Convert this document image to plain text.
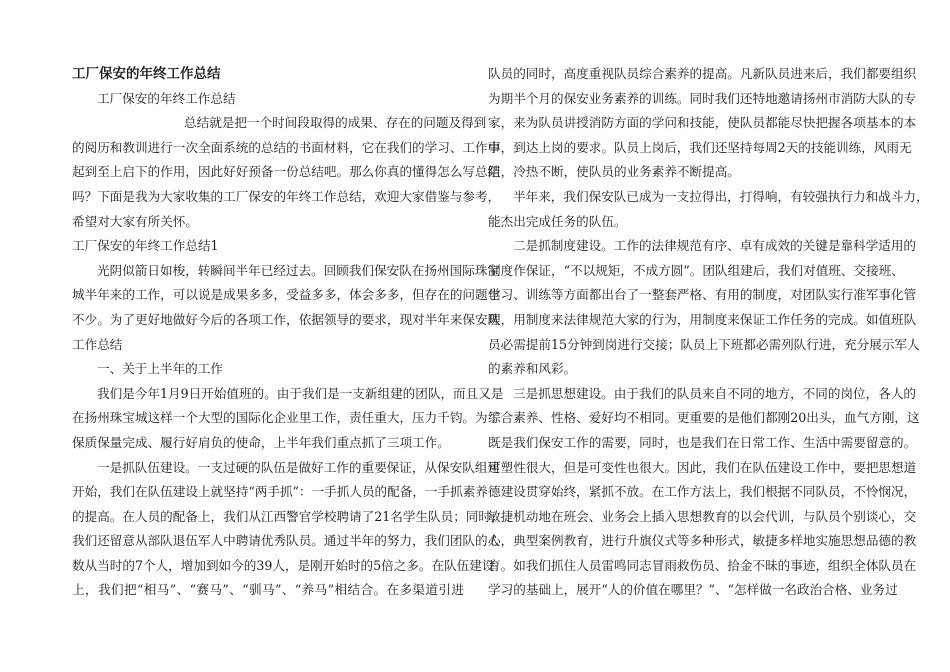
工厂保安的年终工作总结
工厂保安的年终工作总结
总结就是把一个时间段取得的成果、存在的问题及得到
的阅历和教训进行一次全面系统的总结的书面材料，它在我们的学习、工作中
起到至上启下的作用，因此好好预备一份总结吧。那么你真的懂得怎么写总结
吗？下面是我为大家收集的工厂保安的年终工作总结，欢迎大家借鉴与参考，
希望对大家有所关怀。
工厂保安的年终工作总结1
光阴似箭日如梭，转瞬间半年已经过去。回顾我们保安队在扬州国际珠宝
城半年来的工作，可以说是成果多多，受益多多，体会多多，但存在的问题也
不少。为了更好地做好今后的各项工作，依据领导的要求，现对半年来保安队
工作总结
一、关于上半年的工作
我们是今年1月9日开始值班的。由于我们是一支新组建的团队，而且又是
在扬州珠宝城这样一个大型的国际化企业里工作，责任重大，压力千钧。为了
保质保量完成、履行好肩负的使命，上半年我们重点抓了三项工作。
一是抓队伍建设。一支过硬的队伍是做好工作的重要保证，从保安队组建
开始，我们在队伍建设上就坚持“两手抓”：一手抓人员的配备，一手抓素养
的提高。在人员的配备上，我们从江西警官学校聘请了21名学生队员；同时，
我们还留意从部队退伍军人中聘请优秀队员。通过半年的努力，我们团队的人
数从当时的7个人，增加到如今的39人，是刚开始时的5倍之多。在队伍建设
上，我们把“相马”、“赛马”、“驯马”、“养马”相结合。在多渠道引进
队员的同时，高度重视队员综合素养的提高。凡新队员进来后，我们都要组织
为期半个月的保安业务素养的训练。同时我们还特地邀请扬州市消防大队的专
家，来为队员讲授消防方面的学问和技能，使队员都能尽快把握各项基本的本
事，到达上岗的要求。队员上岗后，我们还坚持每周2天的技能训练，风雨无
阻，冷热不断，使队员的业务素养不断提高。
半年来，我们保安队已成为一支拉得出，打得响，有较强执行力和战斗力，
能杰出完成任务的队伍。
二是抓制度建设。工作的法律规范有序、卓有成效的关键是靠科学适用的
制度作保证，“不以规矩，不成方圆”。团队组建后，我们对值班、交接班、
学习、训练等方面都出台了一整套严格、有用的制度，对团队实行准军事化管
理，用制度来法律规范大家的行为，用制度来保证工作任务的完成。如值班队
员必需提前15分钟到岗进行交接；队员上下班都必需列队行进，充分展示军人
的素养和风彩。
三是抓思想建设。由于我们的队员来自不同的地方，不同的岗位，各人的
综合素养、性格、爱好均不相同。更重要的是他们都刚20出头，血气方刚，这
既是我们保安工作的需要，同时，也是我们在日常工作、生活中需要留意的。
可塑性很大，但是可变性也很大。因此，我们在队伍建设工作中，要把思想道
德建设贯穿始终，紧抓不放。在工作方法上，我们根据不同队员，不怜悯况，
敏捷机动地在班会、业务会上插入思想教育的以会代训，与队员个别谈心，交
心，典型案例教育，进行升旗仪式等多种形式，敏捷多样地实施思想品德的教
育。如我们抓住人员雷鸣同志冒雨救伤员、拾金不昧的事迹，组织全体队员在
学习的基础上，展开“人的价值在哪里？”、“怎样做一名政治合格、业务过
